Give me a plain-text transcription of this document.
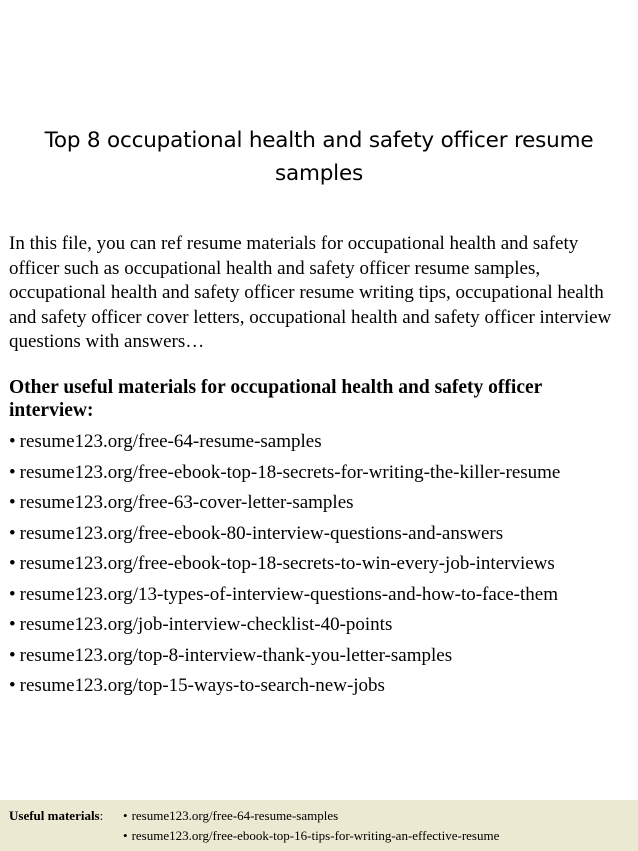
Top 8 occupational health and safety officer resume
samples

In this file, you can ref resume materials for occupational health and safety officer such as occupational health and safety officer resume samples, occupational health and safety officer resume writing tips, occupational health and safety officer cover letters, occupational health and safety officer interview questions with answers…

Other useful materials for occupational health and safety officer interview:

• resume123.org/free-64-resume-samples
• resume123.org/free-ebook-top-18-secrets-for-writing-the-killer-resume
• resume123.org/free-63-cover-letter-samples
• resume123.org/free-ebook-80-interview-questions-and-answers
• resume123.org/free-ebook-top-18-secrets-to-win-every-job-interviews
• resume123.org/13-types-of-interview-questions-and-how-to-face-them
• resume123.org/job-interview-checklist-40-points
• resume123.org/top-8-interview-thank-you-letter-samples
• resume123.org/top-15-ways-to-search-new-jobs
Useful materials: • resume123.org/free-64-resume-samples
• resume123.org/free-ebook-top-16-tips-for-writing-an-effective-resume
